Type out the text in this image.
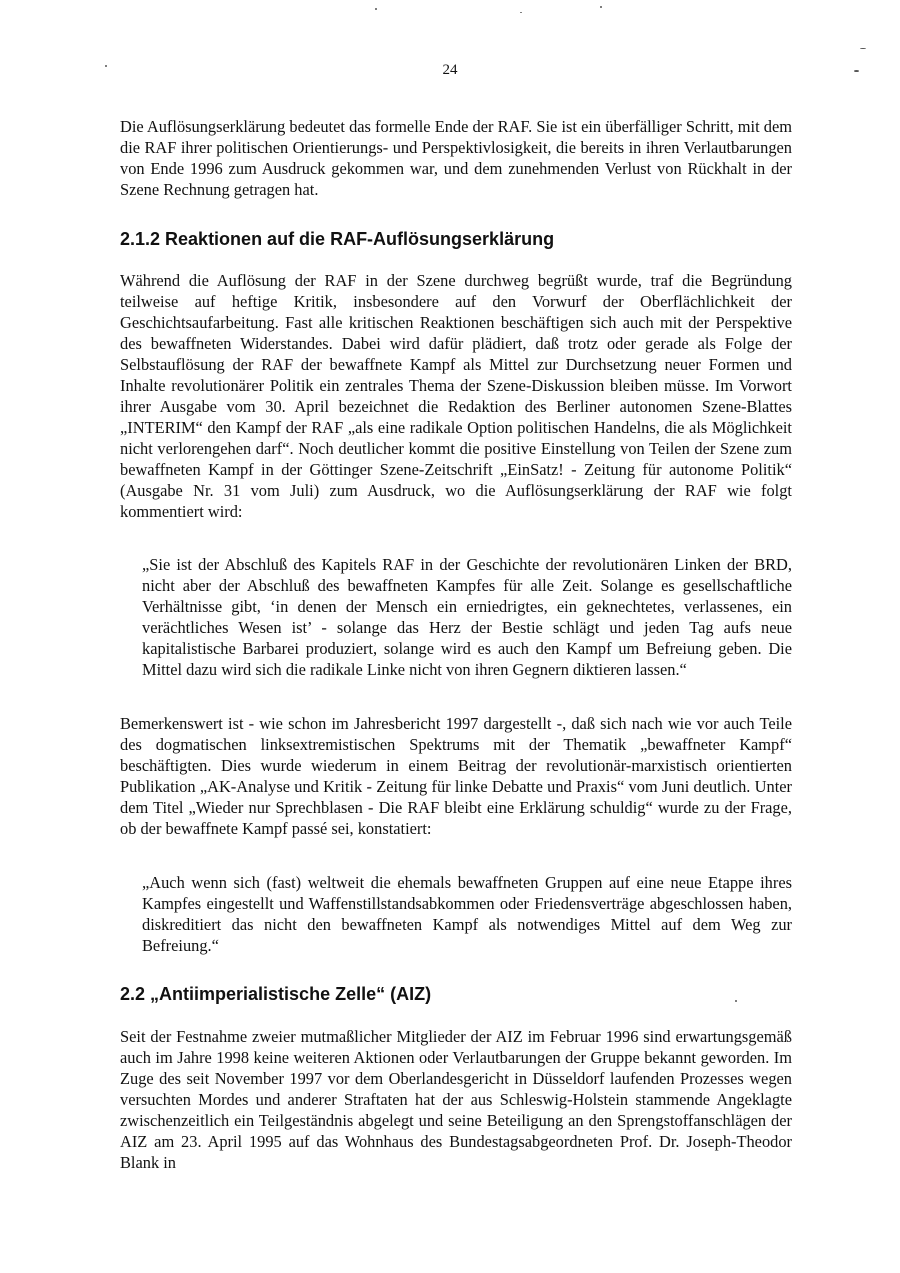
24

Die Auflösungserklärung bedeutet das formelle Ende der RAF. Sie ist ein überfälliger Schritt, mit dem die RAF ihrer politischen Orientierungs- und Perspektivlosigkeit, die bereits in ihren Verlautbarungen von Ende 1996 zum Ausdruck gekommen war, und dem zunehmenden Verlust von Rückhalt in der Szene Rechnung getragen hat.

2.1.2 Reaktionen auf die RAF-Auflösungserklärung

Während die Auflösung der RAF in der Szene durchweg begrüßt wurde, traf die Begründung teilweise auf heftige Kritik, insbesondere auf den Vorwurf der Oberflächlichkeit der Geschichtsaufarbeitung. Fast alle kritischen Reaktionen beschäftigen sich auch mit der Perspektive des bewaffneten Widerstandes. Dabei wird dafür plädiert, daß trotz oder gerade als Folge der Selbstauflösung der RAF der bewaffnete Kampf als Mittel zur Durchsetzung neuer Formen und Inhalte revolutionärer Politik ein zentrales Thema der Szene-Diskussion bleiben müsse. Im Vorwort ihrer Ausgabe vom 30. April bezeichnet die Redaktion des Berliner autonomen Szene-Blattes „INTERIM“ den Kampf der RAF „als eine radikale Option politischen Handelns, die als Möglichkeit nicht verlorengehen darf“. Noch deutlicher kommt die positive Einstellung von Teilen der Szene zum bewaffneten Kampf in der Göttinger Szene-Zeitschrift „EinSatz! - Zeitung für autonome Politik“ (Ausgabe Nr. 31 vom Juli) zum Ausdruck, wo die Auflösungserklärung der RAF wie folgt kommentiert wird:

„Sie ist der Abschluß des Kapitels RAF in der Geschichte der revolutionären Linken der BRD, nicht aber der Abschluß des bewaffneten Kampfes für alle Zeit. Solange es gesellschaftliche Verhältnisse gibt, ‘in denen der Mensch ein erniedrigtes, ein geknechtetes, verlassenes, ein verächtliches Wesen ist’ - solange das Herz der Bestie schlägt und jeden Tag aufs neue kapitalistische Barbarei produziert, solange wird es auch den Kampf um Befreiung geben. Die Mittel dazu wird sich die radikale Linke nicht von ihren Gegnern diktieren lassen.“

Bemerkenswert ist - wie schon im Jahresbericht 1997 dargestellt -, daß sich nach wie vor auch Teile des dogmatischen linksextremistischen Spektrums mit der Thematik „bewaffneter Kampf“ beschäftigten. Dies wurde wiederum in einem Beitrag der revolutionär-marxistisch orientierten Publikation „AK-Analyse und Kritik - Zeitung für linke Debatte und Praxis“ vom Juni deutlich. Unter dem Titel „Wieder nur Sprechblasen - Die RAF bleibt eine Erklärung schuldig“ wurde zu der Frage, ob der bewaffnete Kampf passé sei, konstatiert:

„Auch wenn sich (fast) weltweit die ehemals bewaffneten Gruppen auf eine neue Etappe ihres Kampfes eingestellt und Waffenstillstandsabkommen oder Friedensverträge abgeschlossen haben, diskreditiert das nicht den bewaffneten Kampf als notwendiges Mittel auf dem Weg zur Befreiung.“

2.2 „Antiimperialistische Zelle“ (AIZ)

Seit der Festnahme zweier mutmaßlicher Mitglieder der AIZ im Februar 1996 sind erwartungsgemäß auch im Jahre 1998 keine weiteren Aktionen oder Verlautbarungen der Gruppe bekannt geworden. Im Zuge des seit November 1997 vor dem Oberlandesgericht in Düsseldorf laufenden Prozesses wegen versuchten Mordes und anderer Straftaten hat der aus Schleswig-Holstein stammende Angeklagte zwischenzeitlich ein Teilgeständnis abgelegt und seine Beteiligung an den Sprengstoffanschlägen der AIZ am 23. April 1995 auf das Wohnhaus des Bundestagsabgeordneten Prof. Dr. Joseph-Theodor Blank in
